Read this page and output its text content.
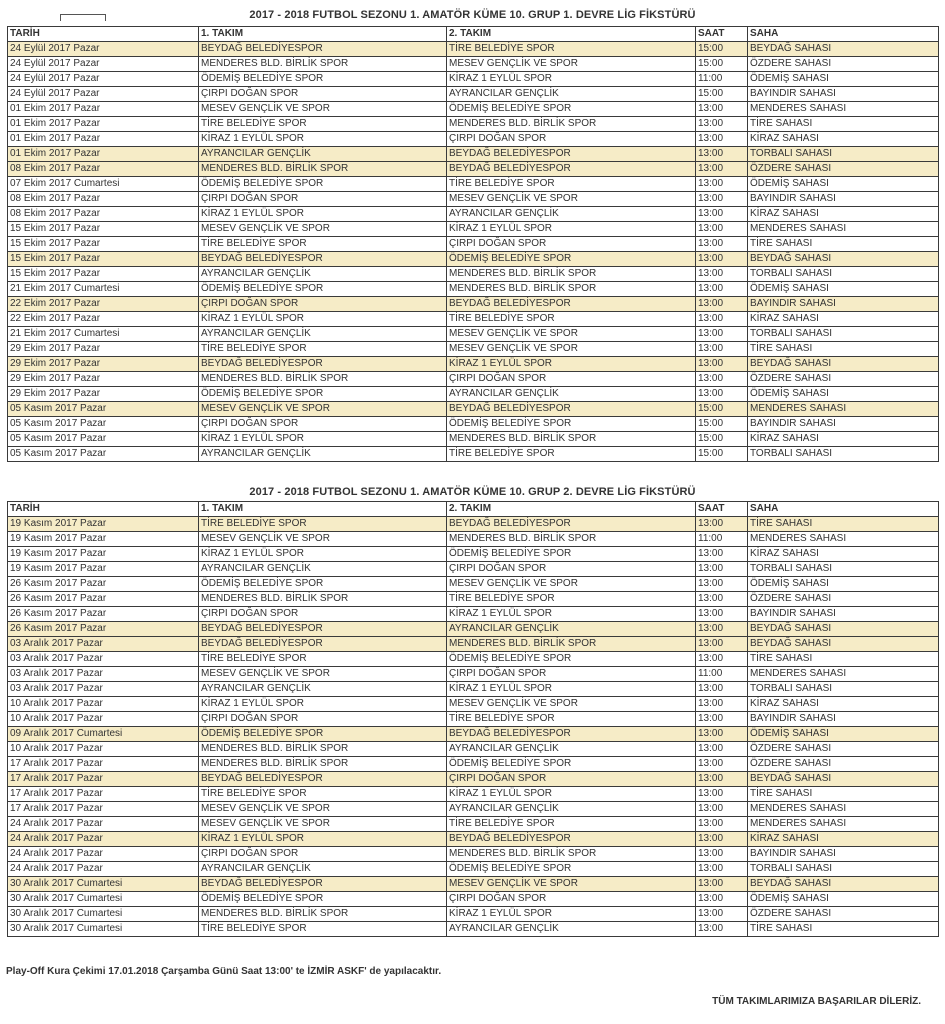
2017 - 2018 FUTBOL SEZONU 1. AMATÖR KÜME 10. GRUP 1. DEVRE LİG FİKSTÜRÜ
TARİH	1. TAKIM	2. TAKIM	SAAT	SAHA
24 Eylül 2017 Pazar	BEYDAĞ BELEDİYESPOR	TİRE BELEDİYE SPOR	15:00	BEYDAĞ SAHASI
24 Eylül 2017 Pazar	MENDERES BLD. BİRLİK SPOR	MESEV GENÇLİK VE SPOR	15:00	ÖZDERE SAHASI
24 Eylül 2017 Pazar	ÖDEMİŞ BELEDİYE SPOR	KİRAZ 1 EYLÜL SPOR	11:00	ÖDEMİŞ SAHASI
24 Eylül 2017 Pazar	ÇIRPI DOĞAN SPOR	AYRANCILAR GENÇLİK	15:00	BAYINDIR SAHASI
01 Ekim 2017 Pazar	MESEV GENÇLİK VE SPOR	ÖDEMİŞ BELEDİYE SPOR	13:00	MENDERES SAHASI
01 Ekim 2017 Pazar	TİRE BELEDİYE SPOR	MENDERES BLD. BİRLİK SPOR	13:00	TİRE SAHASI
01 Ekim 2017 Pazar	KİRAZ 1 EYLÜL SPOR	ÇIRPI DOĞAN SPOR	13:00	KİRAZ SAHASI
01 Ekim 2017 Pazar	AYRANCILAR GENÇLİK	BEYDAĞ BELEDİYESPOR	13:00	TORBALI SAHASI
08 Ekim 2017 Pazar	MENDERES BLD. BİRLİK SPOR	BEYDAĞ BELEDİYESPOR	13:00	ÖZDERE SAHASI
07 Ekim 2017 Cumartesi	ÖDEMİŞ BELEDİYE SPOR	TİRE BELEDİYE SPOR	13:00	ÖDEMİŞ SAHASI
08 Ekim 2017 Pazar	ÇIRPI DOĞAN SPOR	MESEV GENÇLİK VE SPOR	13:00	BAYINDIR SAHASI
08 Ekim 2017 Pazar	KİRAZ 1 EYLÜL SPOR	AYRANCILAR GENÇLİK	13:00	KİRAZ SAHASI
15 Ekim 2017 Pazar	MESEV GENÇLİK VE SPOR	KİRAZ 1 EYLÜL SPOR	13:00	MENDERES SAHASI
15 Ekim 2017 Pazar	TİRE BELEDİYE SPOR	ÇIRPI DOĞAN SPOR	13:00	TİRE SAHASI
15 Ekim 2017 Pazar	BEYDAĞ BELEDİYESPOR	ÖDEMİŞ BELEDİYE SPOR	13:00	BEYDAĞ SAHASI
15 Ekim 2017 Pazar	AYRANCILAR GENÇLİK	MENDERES BLD. BİRLİK SPOR	13:00	TORBALI SAHASI
21 Ekim 2017 Cumartesi	ÖDEMİŞ BELEDİYE SPOR	MENDERES BLD. BİRLİK SPOR	13:00	ÖDEMİŞ SAHASI
22 Ekim 2017 Pazar	ÇIRPI DOĞAN SPOR	BEYDAĞ BELEDİYESPOR	13:00	BAYINDIR SAHASI
22 Ekim 2017 Pazar	KİRAZ 1 EYLÜL SPOR	TİRE BELEDİYE SPOR	13:00	KİRAZ SAHASI
21 Ekim 2017 Cumartesi	AYRANCILAR GENÇLİK	MESEV GENÇLİK VE SPOR	13:00	TORBALI SAHASI
29 Ekim 2017 Pazar	TİRE BELEDİYE SPOR	MESEV GENÇLİK VE SPOR	13:00	TİRE SAHASI
29 Ekim 2017 Pazar	BEYDAĞ BELEDİYESPOR	KİRAZ 1 EYLÜL SPOR	13:00	BEYDAĞ SAHASI
29 Ekim 2017 Pazar	MENDERES BLD. BİRLİK SPOR	ÇIRPI DOĞAN SPOR	13:00	ÖZDERE SAHASI
29 Ekim 2017 Pazar	ÖDEMİŞ BELEDİYE SPOR	AYRANCILAR GENÇLİK	13:00	ÖDEMİŞ SAHASI
05 Kasım 2017 Pazar	MESEV GENÇLİK VE SPOR	BEYDAĞ BELEDİYESPOR	15:00	MENDERES SAHASI
05 Kasım 2017 Pazar	ÇIRPI DOĞAN SPOR	ÖDEMİŞ BELEDİYE SPOR	15:00	BAYINDIR SAHASI
05 Kasım 2017 Pazar	KİRAZ 1 EYLÜL SPOR	MENDERES BLD. BİRLİK SPOR	15:00	KİRAZ SAHASI
05 Kasım 2017 Pazar	AYRANCILAR GENÇLİK	TİRE BELEDİYE SPOR	15:00	TORBALI SAHASI
2017 - 2018 FUTBOL SEZONU 1. AMATÖR KÜME 10. GRUP 2. DEVRE LİG FİKSTÜRÜ
TARİH	1. TAKIM	2. TAKIM	SAAT	SAHA
19 Kasım 2017 Pazar	TİRE BELEDİYE SPOR	BEYDAĞ BELEDİYESPOR	13:00	TİRE SAHASI
19 Kasım 2017 Pazar	MESEV GENÇLİK VE SPOR	MENDERES BLD. BİRLİK SPOR	11:00	MENDERES SAHASI
19 Kasım 2017 Pazar	KİRAZ 1 EYLÜL SPOR	ÖDEMİŞ BELEDİYE SPOR	13:00	KİRAZ SAHASI
19 Kasım 2017 Pazar	AYRANCILAR GENÇLİK	ÇIRPI DOĞAN SPOR	13:00	TORBALI SAHASI
26 Kasım 2017 Pazar	ÖDEMİŞ BELEDİYE SPOR	MESEV GENÇLİK VE SPOR	13:00	ÖDEMİŞ SAHASI
26 Kasım 2017 Pazar	MENDERES BLD. BİRLİK SPOR	TİRE BELEDİYE SPOR	13:00	ÖZDERE SAHASI
26 Kasım 2017 Pazar	ÇIRPI DOĞAN SPOR	KİRAZ 1 EYLÜL SPOR	13:00	BAYINDIR SAHASI
26 Kasım 2017 Pazar	BEYDAĞ BELEDİYESPOR	AYRANCILAR GENÇLİK	13:00	BEYDAĞ SAHASI
03 Aralık 2017 Pazar	BEYDAĞ BELEDİYESPOR	MENDERES BLD. BİRLİK SPOR	13:00	BEYDAĞ SAHASI
03 Aralık 2017 Pazar	TİRE BELEDİYE SPOR	ÖDEMİŞ BELEDİYE SPOR	13:00	TİRE SAHASI
03 Aralık 2017 Pazar	MESEV GENÇLİK VE SPOR	ÇIRPI DOĞAN SPOR	11:00	MENDERES SAHASI
03 Aralık 2017 Pazar	AYRANCILAR GENÇLİK	KİRAZ 1 EYLÜL SPOR	13:00	TORBALI SAHASI
10 Aralık 2017 Pazar	KİRAZ 1 EYLÜL SPOR	MESEV GENÇLİK VE SPOR	13:00	KİRAZ SAHASI
10 Aralık 2017 Pazar	ÇIRPI DOĞAN SPOR	TİRE BELEDİYE SPOR	13:00	BAYINDIR SAHASI
09 Aralık 2017 Cumartesi	ÖDEMİŞ BELEDİYE SPOR	BEYDAĞ BELEDİYESPOR	13:00	ÖDEMİŞ SAHASI
10 Aralık 2017 Pazar	MENDERES BLD. BİRLİK SPOR	AYRANCILAR GENÇLİK	13:00	ÖZDERE SAHASI
17 Aralık 2017 Pazar	MENDERES BLD. BİRLİK SPOR	ÖDEMİŞ BELEDİYE SPOR	13:00	ÖZDERE SAHASI
17 Aralık 2017 Pazar	BEYDAĞ BELEDİYESPOR	ÇIRPI DOĞAN SPOR	13:00	BEYDAĞ SAHASI
17 Aralık 2017 Pazar	TİRE BELEDİYE SPOR	KİRAZ 1 EYLÜL SPOR	13:00	TİRE SAHASI
17 Aralık 2017 Pazar	MESEV GENÇLİK VE SPOR	AYRANCILAR GENÇLİK	13:00	MENDERES SAHASI
24 Aralık 2017 Pazar	MESEV GENÇLİK VE SPOR	TİRE BELEDİYE SPOR	13:00	MENDERES SAHASI
24 Aralık 2017 Pazar	KİRAZ 1 EYLÜL SPOR	BEYDAĞ BELEDİYESPOR	13:00	KİRAZ SAHASI
24 Aralık 2017 Pazar	ÇIRPI DOĞAN SPOR	MENDERES BLD. BİRLİK SPOR	13:00	BAYINDIR SAHASI
24 Aralık 2017 Pazar	AYRANCILAR GENÇLİK	ÖDEMİŞ BELEDİYE SPOR	13:00	TORBALI SAHASI
30 Aralık 2017 Cumartesi	BEYDAĞ BELEDİYESPOR	MESEV GENÇLİK VE SPOR	13:00	BEYDAĞ SAHASI
30 Aralık 2017 Cumartesi	ÖDEMİŞ BELEDİYE SPOR	ÇIRPI DOĞAN SPOR	13:00	ÖDEMİŞ SAHASI
30 Aralık 2017 Cumartesi	MENDERES BLD. BİRLİK SPOR	KİRAZ 1 EYLÜL SPOR	13:00	ÖZDERE SAHASI
30 Aralık 2017 Cumartesi	TİRE BELEDİYE SPOR	AYRANCILAR GENÇLİK	13:00	TİRE SAHASI
Play-Off Kura Çekimi 17.01.2018 Çarşamba Günü Saat 13:00' te İZMİR ASKF' de yapılacaktır.
TÜM TAKIMLARIMIZA BAŞARILAR DİLERİZ.
